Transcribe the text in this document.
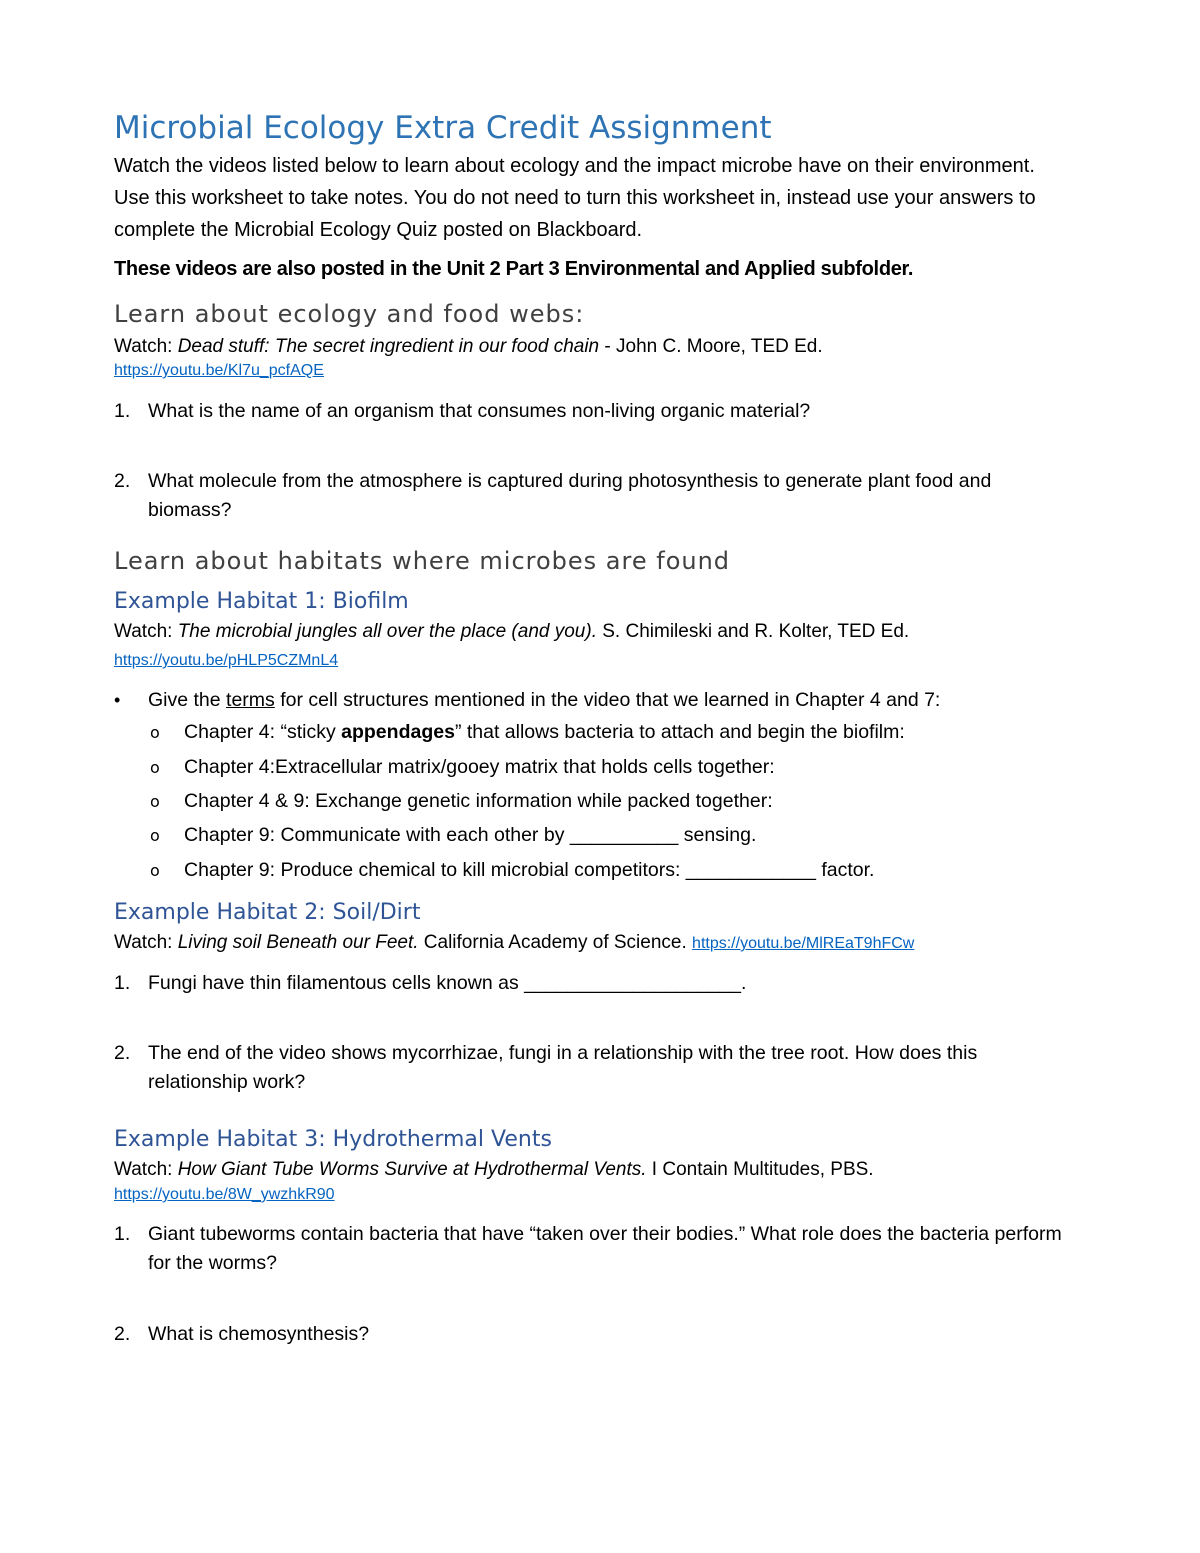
Microbial Ecology Extra Credit Assignment

Watch the videos listed below to learn about ecology and the impact microbe have on their environment. Use this worksheet to take notes. You do not need to turn this worksheet in, instead use your answers to complete the Microbial Ecology Quiz posted on Blackboard.

These videos are also posted in the Unit 2 Part 3 Environmental and Applied subfolder.

Learn about ecology and food webs:

Watch: Dead stuff: The secret ingredient in our food chain - John C. Moore, TED Ed.

https://youtu.be/Kl7u_pcfAQE
1. What is the name of an organism that consumes non-living organic material?
2. What molecule from the atmosphere is captured during photosynthesis to generate plant food and biomass?
Learn about habitats where microbes are found
Example Habitat 1: Biofilm

Watch: The microbial jungles all over the place (and you). S. Chimileski and R. Kolter, TED Ed.

https://youtu.be/pHLP5CZMnL4
• Give the terms for cell structures mentioned in the video that we learned in Chapter 4 and 7:
o Chapter 4: “sticky appendages” that allows bacteria to attach and begin the biofilm:
o Chapter 4:Extracellular matrix/gooey matrix that holds cells together:
o Chapter 4 & 9: Exchange genetic information while packed together:
o Chapter 9: Communicate with each other by __________ sensing.
o Chapter 9: Produce chemical to kill microbial competitors: ____________ factor.
Example Habitat 2: Soil/Dirt

Watch: Living soil Beneath our Feet. California Academy of Science. https://youtu.be/MlREaT9hFCw

1. Fungi have thin filamentous cells known as ____________________.
2. The end of the video shows mycorrhizae, fungi in a relationship with the tree root. How does this relationship work?
Example Habitat 3: Hydrothermal Vents

Watch: How Giant Tube Worms Survive at Hydrothermal Vents. I Contain Multitudes, PBS.

https://youtu.be/8W_ywzhkR90
1. Giant tubeworms contain bacteria that have “taken over their bodies.” What role does the bacteria perform for the worms?
2. What is chemosynthesis?
